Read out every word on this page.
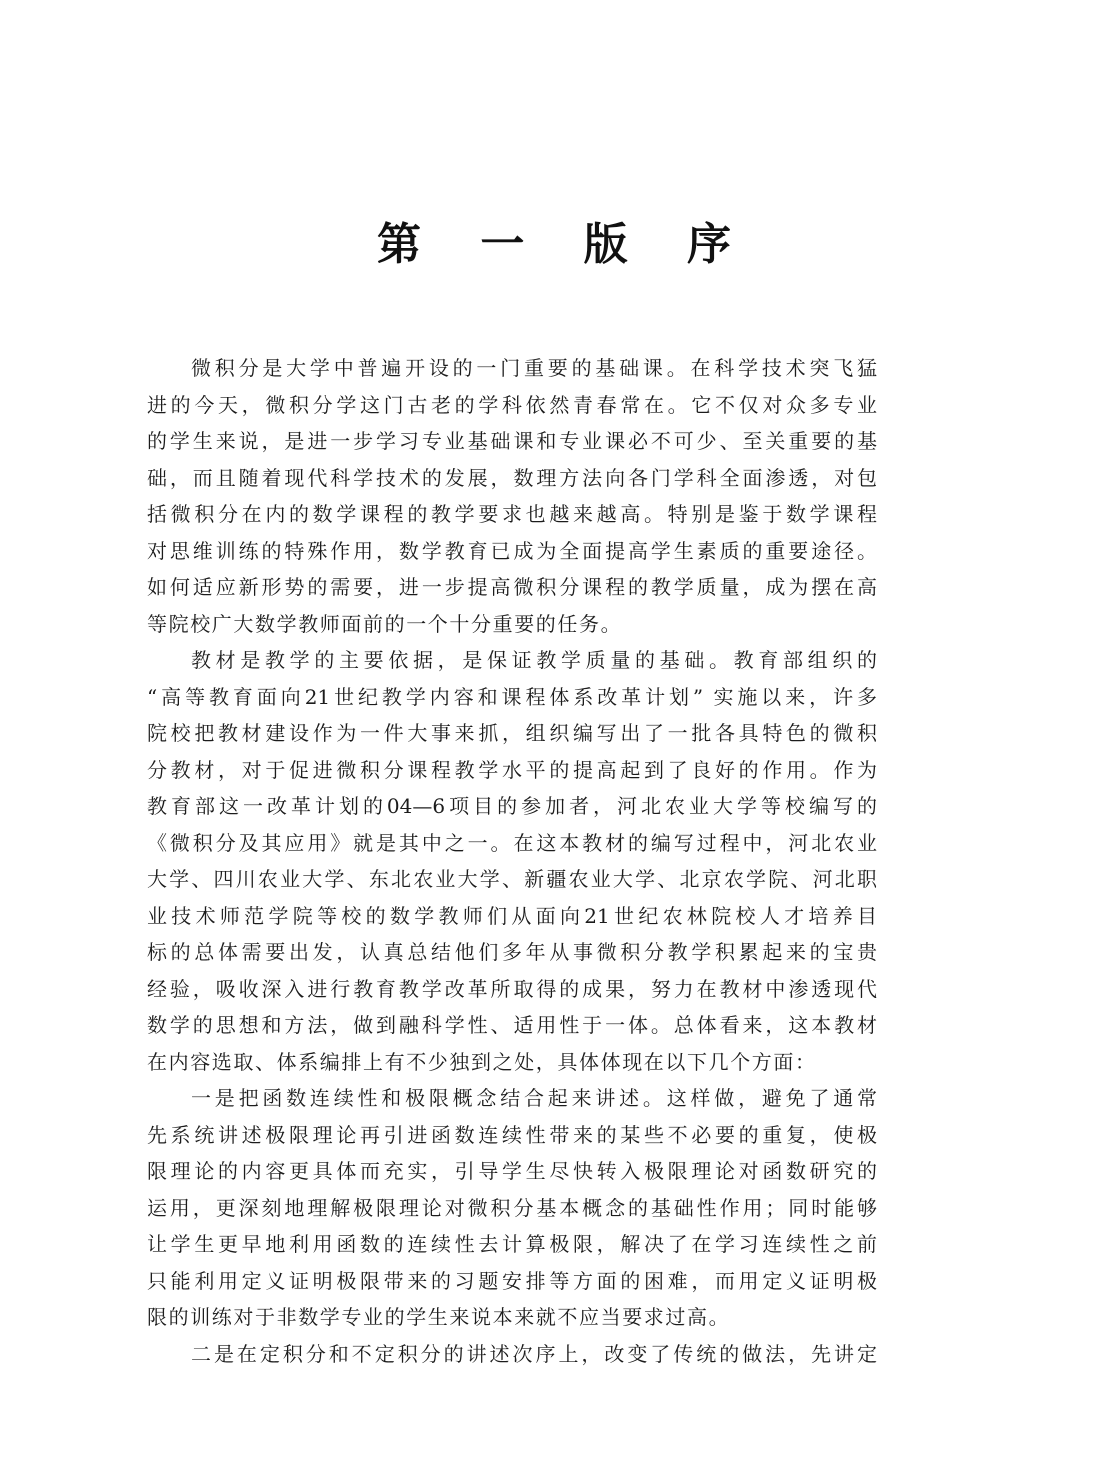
第 一 版 序
微积分是大学中普遍开设的一门重要的基础课。在科学技术突飞猛
进的今天，微积分学这门古老的学科依然青春常在。它不仅对众多专业
的学生来说，是进一步学习专业基础课和专业课必不可少、至关重要的基
础，而且随着现代科学技术的发展，数理方法向各门学科全面渗透，对包
括微积分在内的数学课程的教学要求也越来越高。特别是鉴于数学课程
对思维训练的特殊作用，数学教育已成为全面提高学生素质的重要途径。
如何适应新形势的需要，进一步提高微积分课程的教学质量，成为摆在高
等院校广大数学教师面前的一个十分重要的任务。
教材是教学的主要依据，是保证教学质量的基础。教育部组织的
“高等教育面向21世纪教学内容和课程体系改革计划” 实施以来，许多
院校把教材建设作为一件大事来抓，组织编写出了一批各具特色的微积
分教材，对于促进微积分课程教学水平的提高起到了良好的作用。作为
教育部这一改革计划的04—6项目的参加者，河北农业大学等校编写的
《微积分及其应用》就是其中之一。在这本教材的编写过程中，河北农业
大学、四川农业大学、东北农业大学、新疆农业大学、北京农学院、河北职
业技术师范学院等校的数学教师们从面向21世纪农林院校人才培养目
标的总体需要出发，认真总结他们多年从事微积分教学积累起来的宝贵
经验，吸收深入进行教育教学改革所取得的成果，努力在教材中渗透现代
数学的思想和方法，做到融科学性、适用性于一体。总体看来，这本教材
在内容选取、体系编排上有不少独到之处，具体体现在以下几个方面：
一是把函数连续性和极限概念结合起来讲述。这样做，避免了通常
先系统讲述极限理论再引进函数连续性带来的某些不必要的重复，使极
限理论的内容更具体而充实，引导学生尽快转入极限理论对函数研究的
运用，更深刻地理解极限理论对微积分基本概念的基础性作用；同时能够
让学生更早地利用函数的连续性去计算极限，解决了在学习连续性之前
只能利用定义证明极限带来的习题安排等方面的困难，而用定义证明极
限的训练对于非数学专业的学生来说本来就不应当要求过高。
二是在定积分和不定积分的讲述次序上，改变了传统的做法，先讲定
